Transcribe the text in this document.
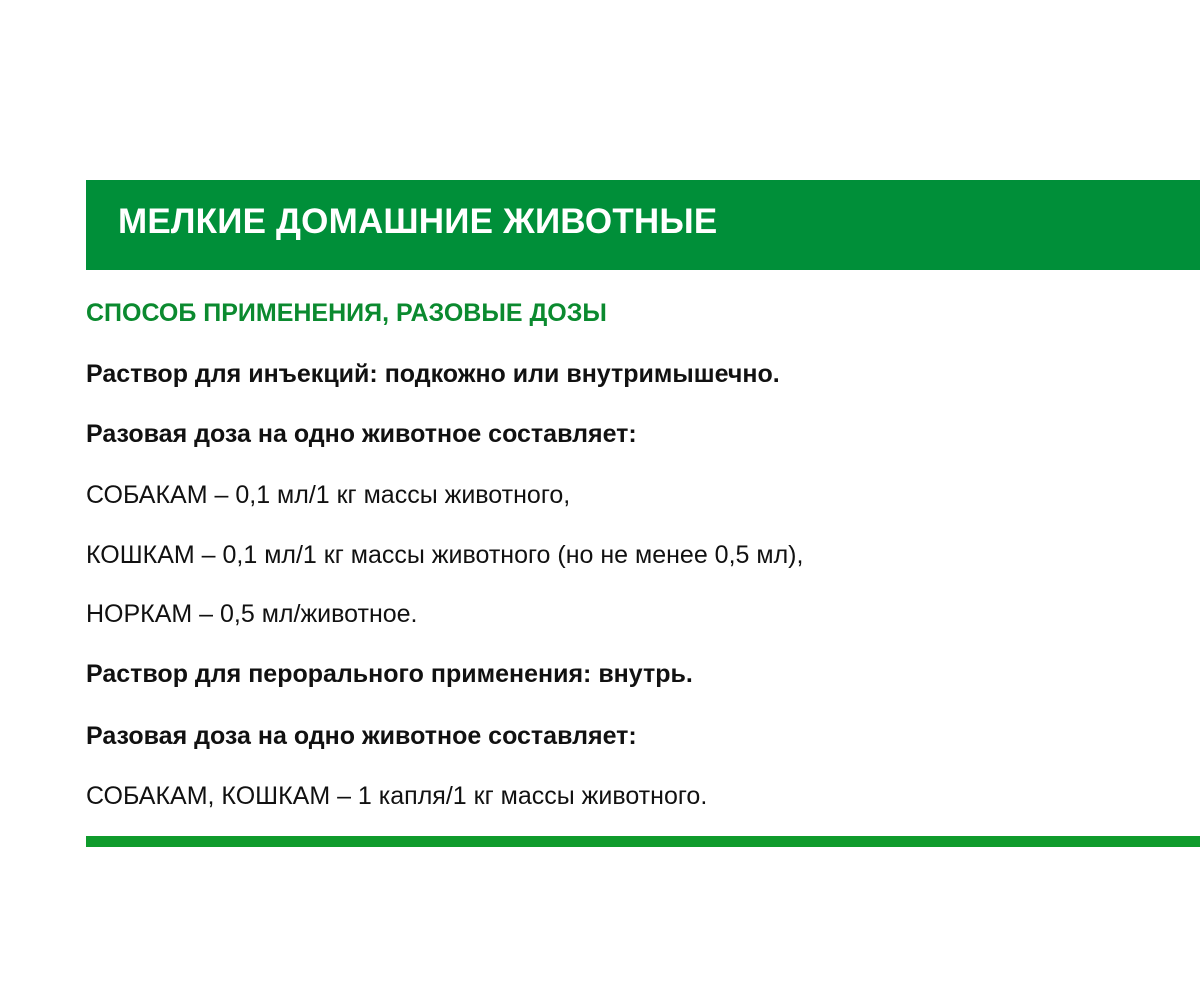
МЕЛКИЕ ДОМАШНИЕ ЖИВОТНЫЕ
СПОСОБ ПРИМЕНЕНИЯ, РАЗОВЫЕ ДОЗЫ

Раствор для инъекций: подкожно или внутримышечно.

Разовая доза на одно животное составляет:

СОБАКАМ – 0,1 мл/1 кг массы животного,

КОШКАМ – 0,1 мл/1 кг массы животного (но не менее 0,5 мл),

НОРКАМ – 0,5 мл/животное.

Раствор для перорального применения: внутрь.

Разовая доза на одно животное составляет:

СОБАКАМ, КОШКАМ – 1 капля/1 кг массы животного.
